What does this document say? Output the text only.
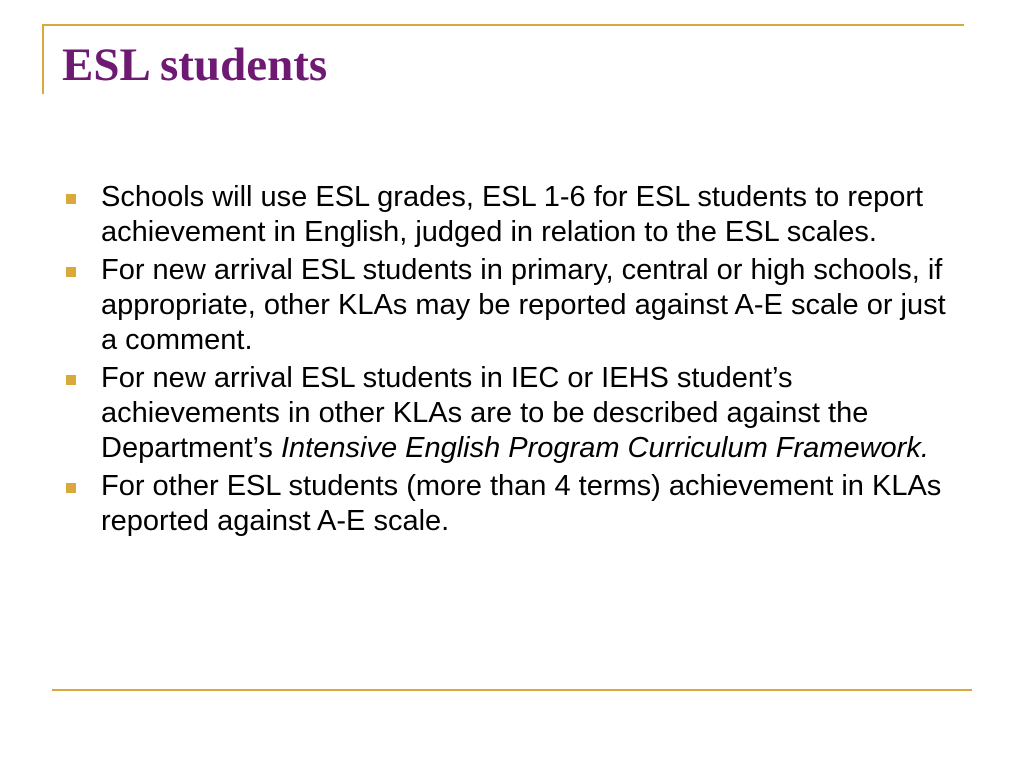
ESL students
Schools will use ESL grades, ESL 1-6 for ESL students to report achievement in English, judged in relation to the ESL scales.
For new arrival ESL students in primary, central or high schools, if appropriate, other KLAs may be reported against A-E scale or just a comment.
For new arrival ESL students in IEC or IEHS student’s achievements in other KLAs are to be described against the Department’s Intensive English Program Curriculum Framework.
For other ESL students (more than 4 terms) achievement in KLAs reported against A-E scale.
